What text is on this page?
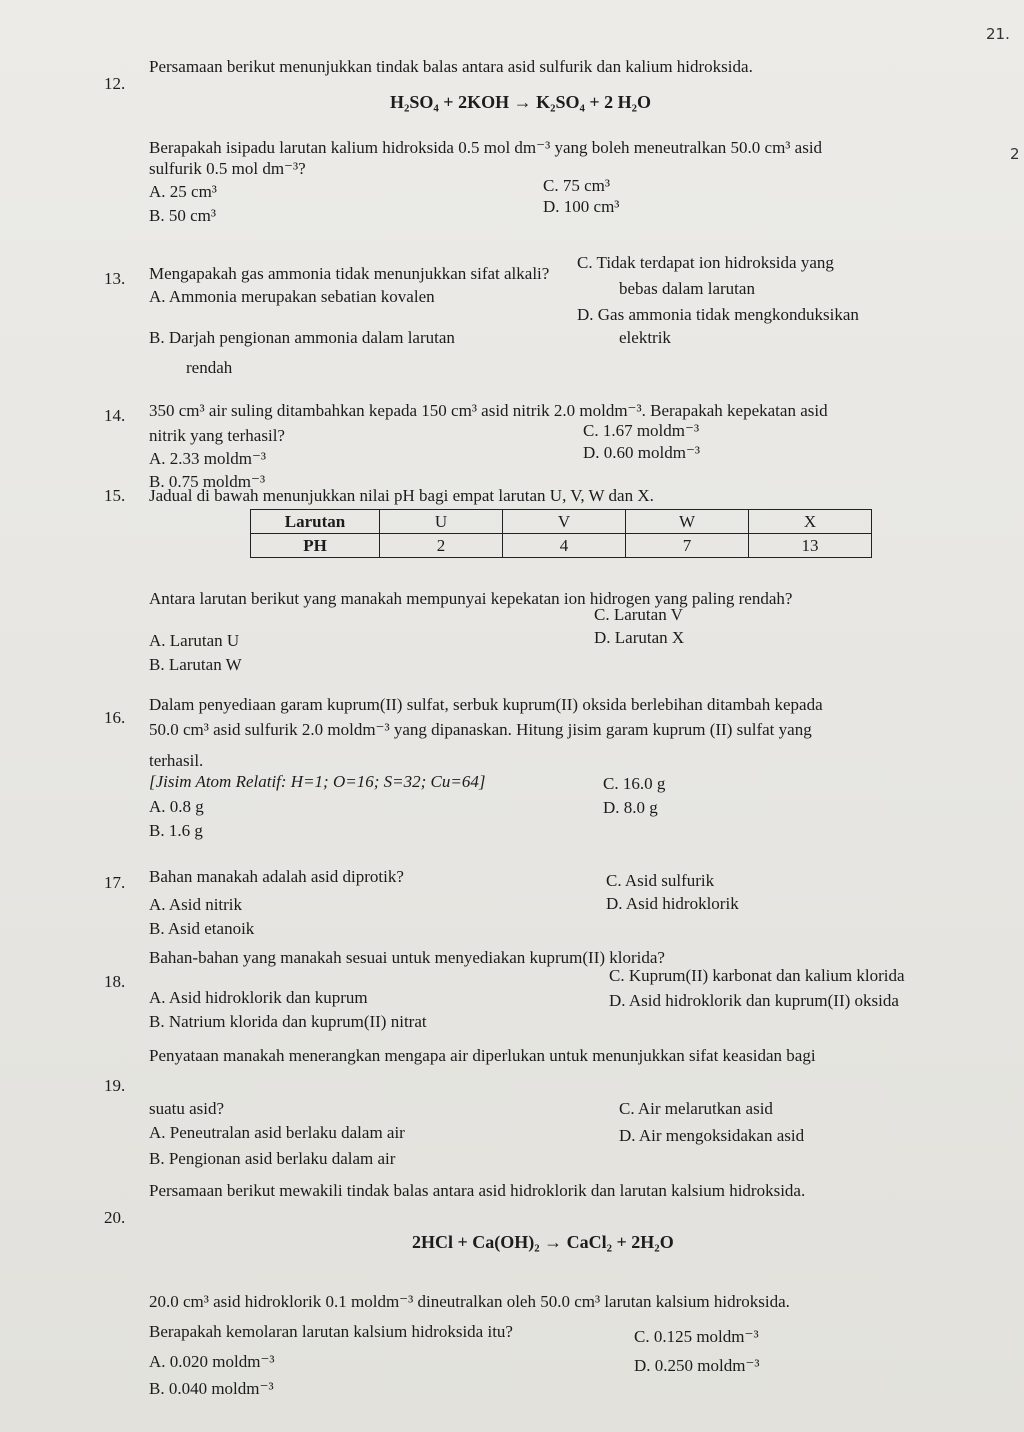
21.
2
12.
Persamaan berikut menunjukkan tindak balas antara asid sulfurik dan kalium hidroksida.
H₂SO₄ + 2KOH → K₂SO₄ + 2 H₂O
Berapakah isipadu larutan kalium hidroksida 0.5 mol dm⁻³ yang boleh meneutralkan 50.0 cm³ asid
sulfurik 0.5 mol dm⁻³?
A. 25 cm³
B. 50 cm³
C. 75 cm³
D. 100 cm³
13. Mengapakah gas ammonia tidak menunjukkan sifat alkali?
A. Ammonia merupakan sebatian kovalen
B. Darjah pengionan ammonia dalam larutan
rendah
C. Tidak terdapat ion hidroksida yang
bebas dalam larutan
D. Gas ammonia tidak mengkonduksikan
elektrik
14. 350 cm³ air suling ditambahkan kepada 150 cm³ asid nitrik 2.0 moldm⁻³. Berapakah kepekatan asid
nitrik yang terhasil?
A. 2.33 moldm⁻³
B. 0.75 moldm⁻³
C. 1.67 moldm⁻³
D. 0.60 moldm⁻³
15. Jadual di bawah menunjukkan nilai pH bagi empat larutan U, V, W dan X.
Larutan	U	V	W	X
PH	2	4	7	13
Antara larutan berikut yang manakah mempunyai kepekatan ion hidrogen yang paling rendah?
A. Larutan U
B. Larutan W
C. Larutan V
D. Larutan X
16.
Dalam penyediaan garam kuprum(II) sulfat, serbuk kuprum(II) oksida berlebihan ditambah kepada
50.0 cm³ asid sulfurik 2.0 moldm⁻³ yang dipanaskan. Hitung jisim garam kuprum (II) sulfat yang
terhasil.
[Jisim Atom Relatif: H=1; O=16; S=32; Cu=64]
A. 0.8 g
B. 1.6 g
C. 16.0 g
D. 8.0 g
17. Bahan manakah adalah asid diprotik?
A. Asid nitrik
B. Asid etanoik
C. Asid sulfurik
D. Asid hidroklorik
18.
Bahan-bahan yang manakah sesuai untuk menyediakan kuprum(II) klorida?
A. Asid hidroklorik dan kuprum
B. Natrium klorida dan kuprum(II) nitrat
C. Kuprum(II) karbonat dan kalium klorida
D. Asid hidroklorik dan kuprum(II) oksida
19.
Penyataan manakah menerangkan mengapa air diperlukan untuk menunjukkan sifat keasidan bagi
suatu asid?
A. Peneutralan asid berlaku dalam air
B. Pengionan asid berlaku dalam air
C. Air melarutkan asid
D. Air mengoksidakan asid
20.
Persamaan berikut mewakili tindak balas antara asid hidroklorik dan larutan kalsium hidroksida.
2HCl + Ca(OH)₂ → CaCl₂ + 2H₂O
20.0 cm³ asid hidroklorik 0.1 moldm⁻³ dineutralkan oleh 50.0 cm³ larutan kalsium hidroksida.
Berapakah kemolaran larutan kalsium hidroksida itu?
A. 0.020 moldm⁻³
B. 0.040 moldm⁻³
C. 0.125 moldm⁻³
D. 0.250 moldm⁻³
